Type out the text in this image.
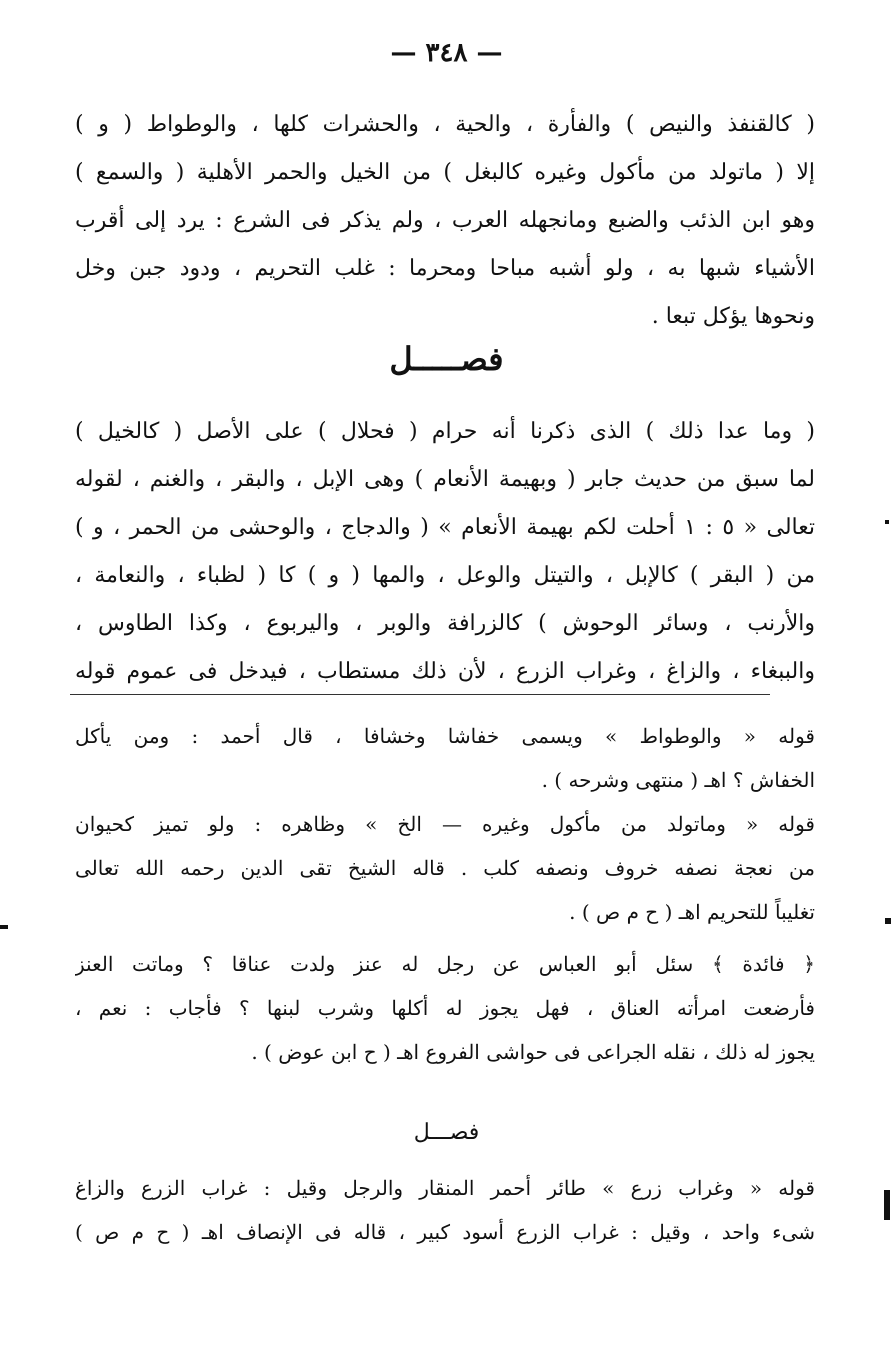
— ٣٤٨ —
( كالقنفذ والنيص ) والفأرة ، والحية ، والحشرات كلها ، والوطواط ( و )
إلا ( ماتولد من مأكول وغيره كالبغل ) من الخيل والحمر الأهلية ( والسمع )
وهو ابن الذئب والضبع ومانجهله العرب ، ولم يذكر فى الشرع : يرد إلى أقرب
الأشياء شبها به ، ولو أشبه مباحا ومحرما : غلب التحريم ، ودود جبن وخل
ونحوها يؤكل تبعا .
فصـــــل
( وما عدا ذلك ) الذى ذكرنا أنه حرام ( فحلال ) على الأصل ( كالخيل )
لما سبق من حديث جابر ( وبهيمة الأنعام ) وهى الإبل ، والبقر ، والغنم ، لقوله
تعالى « ٥ : ١ أحلت لكم بهيمة الأنعام » ( والدجاج ، والوحشى من الحمر ، و )
من ( البقر ) كالإبل ، والتيتل والوعل ، والمها ( و ) كا ( لظباء ، والنعامة ،
والأرنب ، وسائر الوحوش ) كالزرافة والوبر ، واليربوع ، وكذا الطاوس ،
والببغاء ، والزاغ ، وغراب الزرع ، لأن ذلك مستطاب ، فيدخل فى عموم قوله
قوله « والوطواط » ويسمى خفاشا وخشافا ، قال أحمد : ومن يأكل
الخفاش ؟ اهـ ( منتهى وشرحه ) .
قوله « وماتولد من مأكول وغيره — الخ » وظاهره : ولو تميز كحيوان
من نعجة نصفه خروف ونصفه كلب . قاله الشيخ تقى الدين رحمه الله تعالى
تغليباً للتحريم اهـ ( ح م ص ) .
﴿ فائدة ﴾ سئل أبو العباس عن رجل له عنز ولدت عناقا ؟ وماتت العنز
فأرضعت امرأته العناق ، فهل يجوز له أكلها وشرب لبنها ؟ فأجاب : نعم ،
يجوز له ذلك ، نقله الجراعى فى حواشى الفروع اهـ ( ح ابن عوض ) .
فصـــل
قوله « وغراب زرع » طائر أحمر المنقار والرجل وقيل : غراب الزرع والزاغ
شىء واحد ، وقيل : غراب الزرع أسود كبير ، قاله فى الإنصاف اهـ ( ح م ص )
